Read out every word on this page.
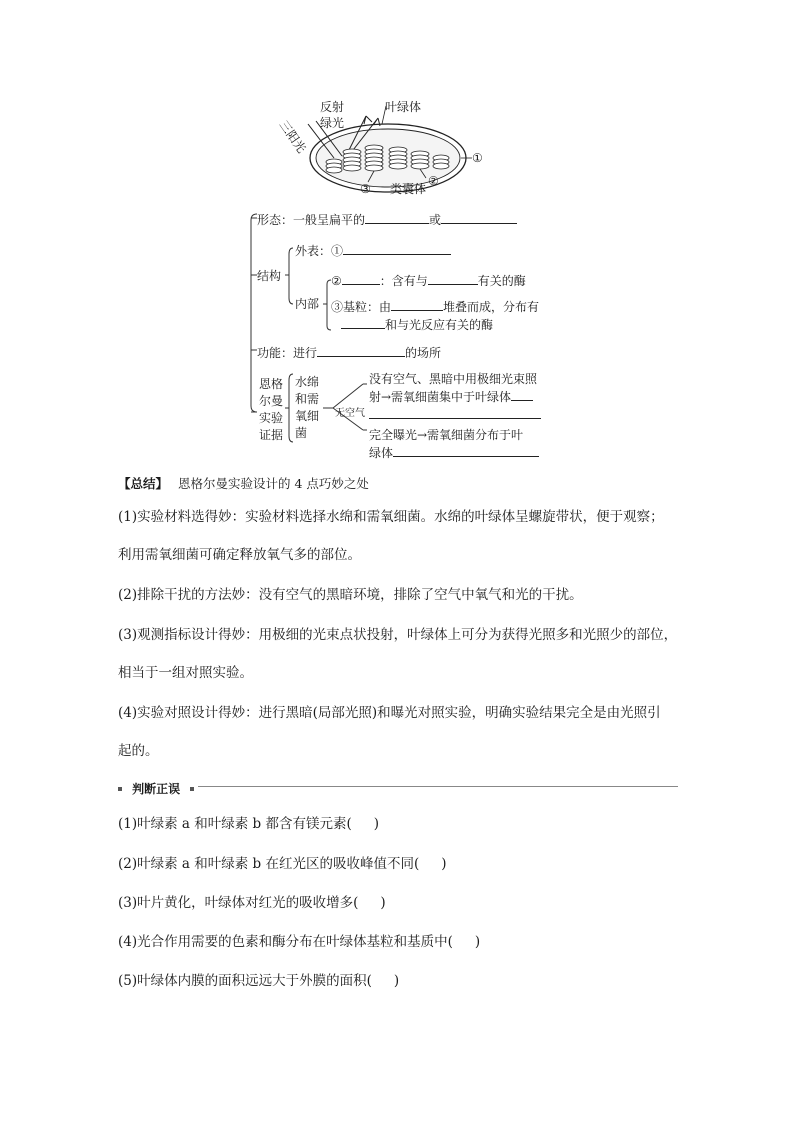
反射
绿光
三阳光
叶绿体
①
③ 类囊体
②
形态：一般呈扁平的	或
结构
外表：①
内部
②	：含有与	有关的酶
③基粒：由	堆叠而成，分布有
和与光反应有关的酶
功能：进行	的场所
恩格
尔曼
实验
证据
水绵
和需
氧细
菌
无空气
没有空气、黑暗中用极细光束照
射→需氧细菌集中于叶绿体
完全曝光→需氧细菌分布于叶
绿体
【总结】 恩格尔曼实验设计的 4 点巧妙之处
(1)实验材料选得妙：实验材料选择水绵和需氧细菌。水绵的叶绿体呈螺旋带状，便于观察；
利用需氧细菌可确定释放氧气多的部位。
(2)排除干扰的方法妙：没有空气的黑暗环境，排除了空气中氧气和光的干扰。
(3)观测指标设计得妙：用极细的光束点状投射，叶绿体上可分为获得光照多和光照少的部位，
相当于一组对照实验。
(4)实验对照设计得妙：进行黑暗(局部光照)和曝光对照实验，明确实验结果完全是由光照引
起的。
判断正误
(1)叶绿素 a 和叶绿素 b 都含有镁元素( )
(2)叶绿素 a 和叶绿素 b 在红光区的吸收峰值不同( )
(3)叶片黄化，叶绿体对红光的吸收增多( )
(4)光合作用需要的色素和酶分布在叶绿体基粒和基质中( )
(5)叶绿体内膜的面积远远大于外膜的面积( )
